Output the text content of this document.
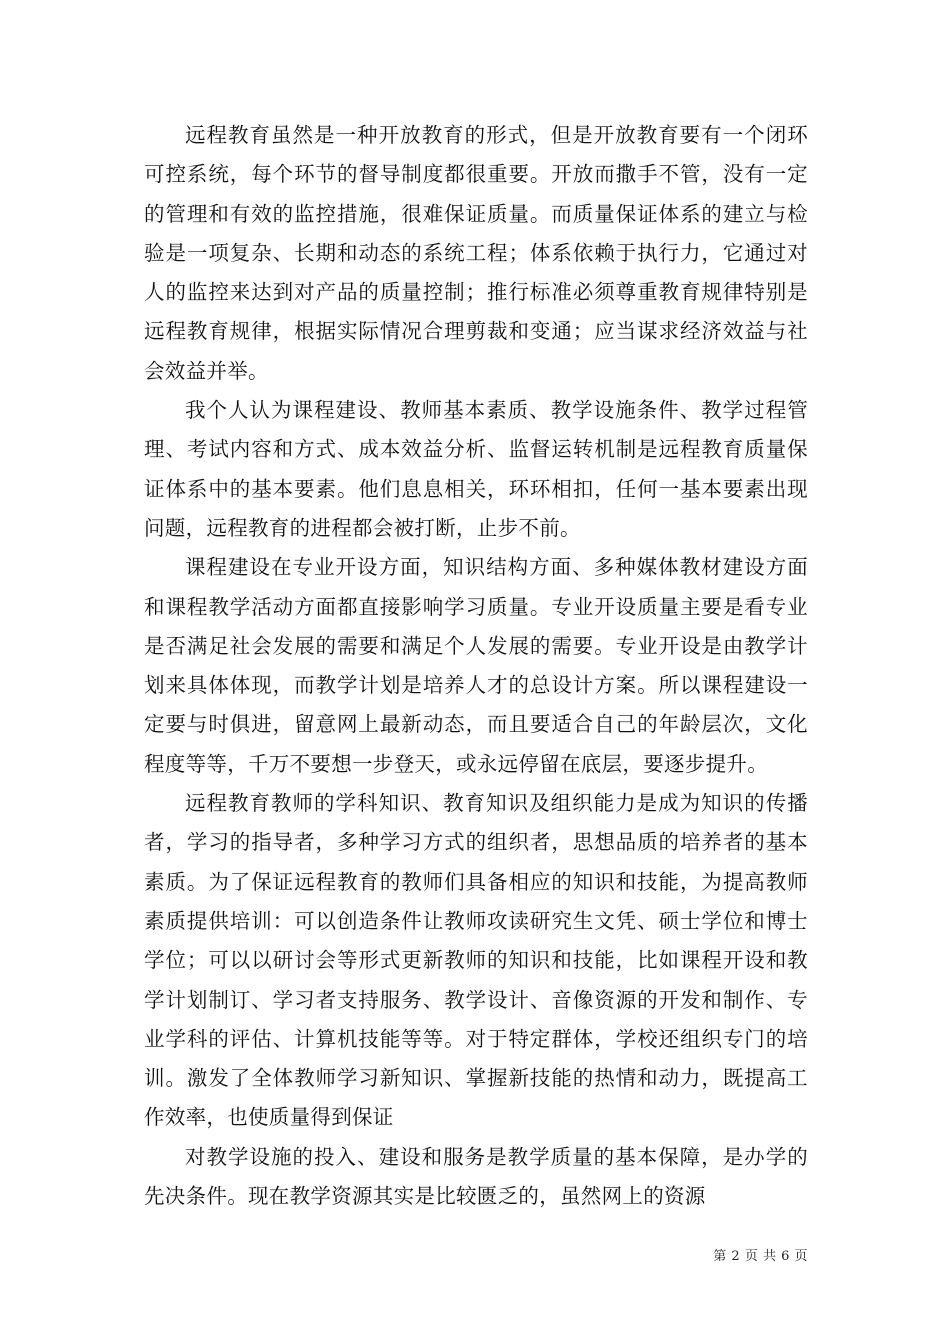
远程教育虽然是一种开放教育的形式，但是开放教育要有一个闭环可控系统，每个环节的督导制度都很重要。开放而撒手不管，没有一定的管理和有效的监控措施，很难保证质量。而质量保证体系的建立与检验是一项复杂、长期和动态的系统工程；体系依赖于执行力，它通过对人的监控来达到对产品的质量控制；推行标准必须尊重教育规律特别是远程教育规律，根据实际情况合理剪裁和变通；应当谋求经济效益与社会效益并举。

我个人认为课程建设、教师基本素质、教学设施条件、教学过程管理、考试内容和方式、成本效益分析、监督运转机制是远程教育质量保证体系中的基本要素。他们息息相关，环环相扣，任何一基本要素出现问题，远程教育的进程都会被打断，止步不前。

课程建设在专业开设方面，知识结构方面、多种媒体教材建设方面和课程教学活动方面都直接影响学习质量。专业开设质量主要是看专业是否满足社会发展的需要和满足个人发展的需要。专业开设是由教学计划来具体体现，而教学计划是培养人才的总设计方案。所以课程建设一定要与时俱进，留意网上最新动态，而且要适合自己的年龄层次，文化程度等等，千万不要想一步登天，或永远停留在底层，要逐步提升。

远程教育教师的学科知识、教育知识及组织能力是成为知识的传播者，学习的指导者，多种学习方式的组织者，思想品质的培养者的基本素质。为了保证远程教育的教师们具备相应的知识和技能，为提高教师素质提供培训：可以创造条件让教师攻读研究生文凭、硕士学位和博士学位；可以以研讨会等形式更新教师的知识和技能，比如课程开设和教学计划制订、学习者支持服务、教学设计、音像资源的开发和制作、专业学科的评估、计算机技能等等。对于特定群体，学校还组织专门的培训。激发了全体教师学习新知识、掌握新技能的热情和动力，既提高工作效率，也使质量得到保证

对教学设施的投入、建设和服务是教学质量的基本保障，是办学的先决条件。现在教学资源其实是比较匮乏的，虽然网上的资源

第 2 页 共 6 页
